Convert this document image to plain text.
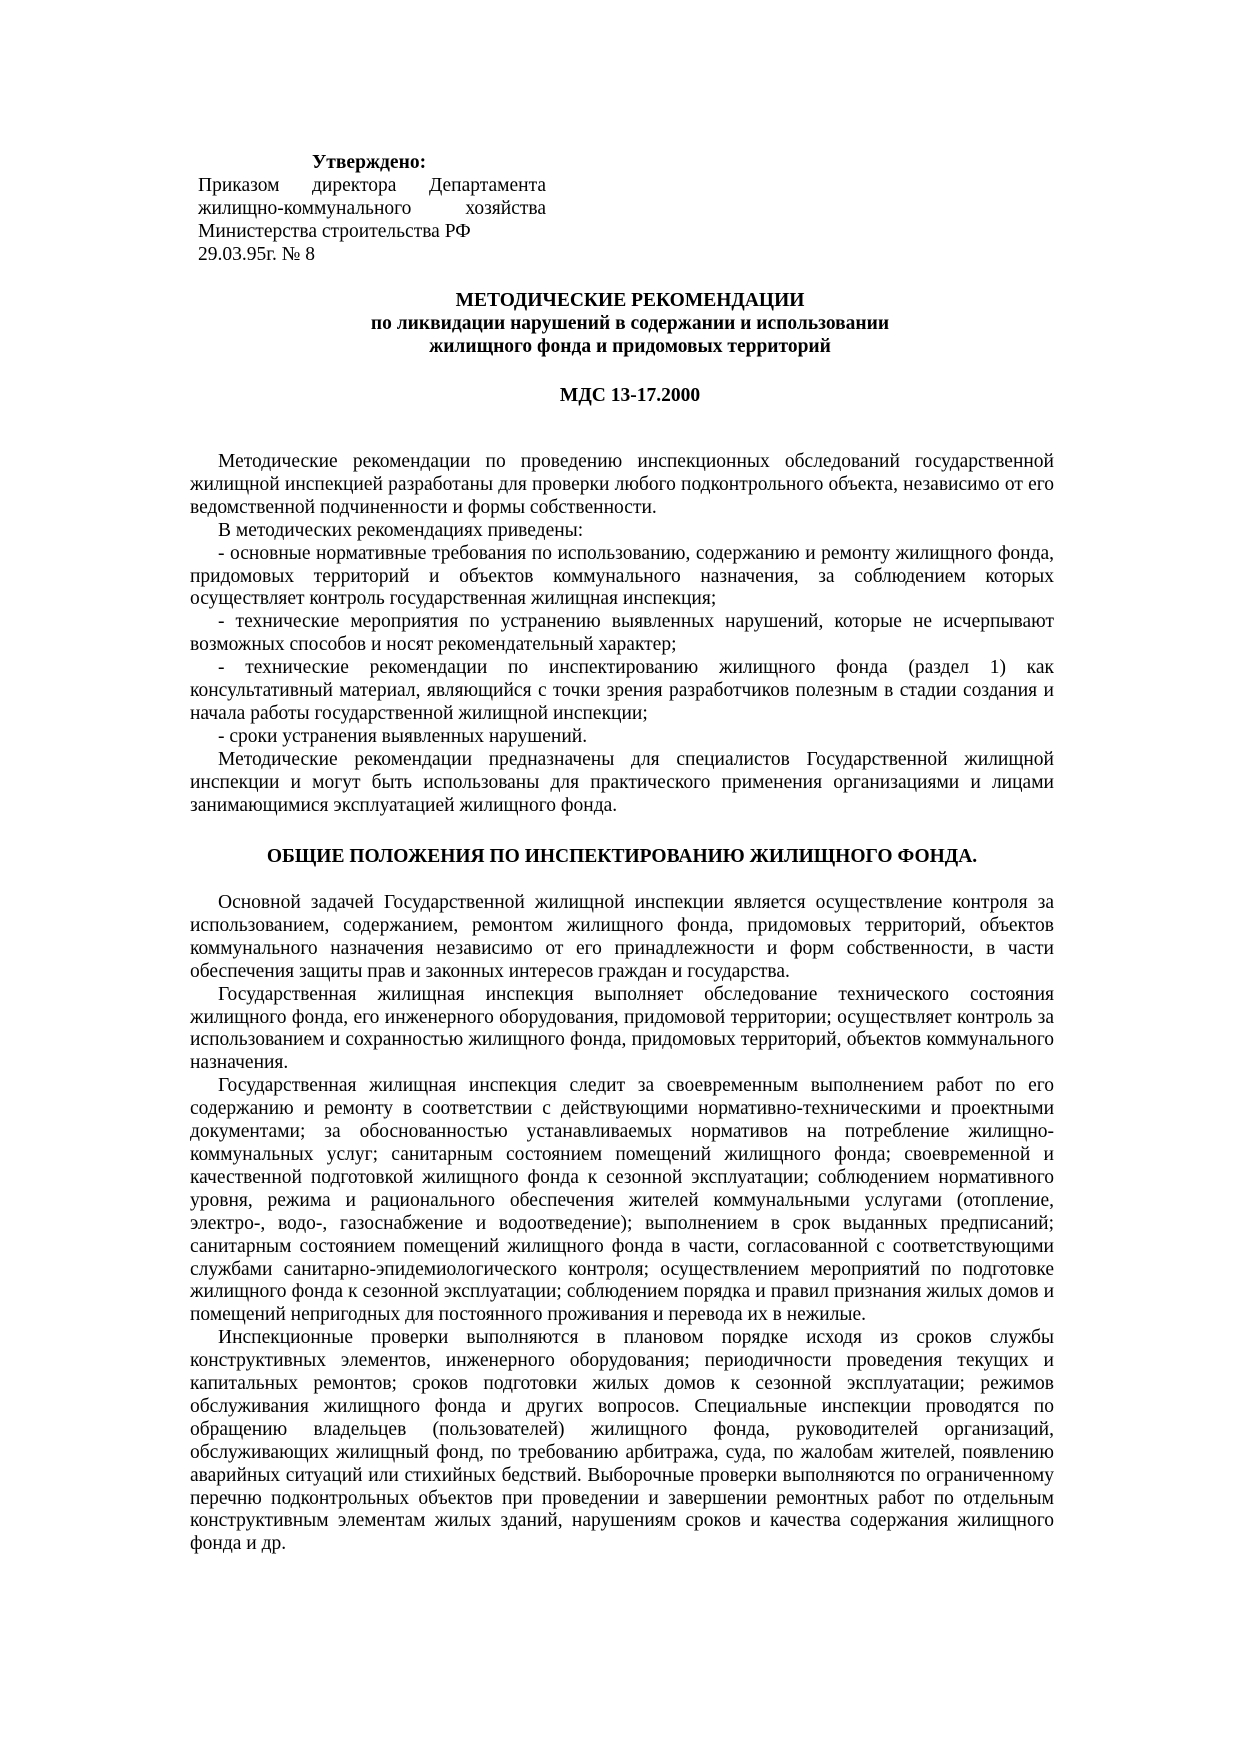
Утверждено:
Приказом директора Департамента
жилищно-коммунального хозяйства
Министерства строительства РФ
29.03.95г. № 8
МЕТОДИЧЕСКИЕ РЕКОМЕНДАЦИИ
по ликвидации нарушений в содержании и использовании
жилищного фонда и придомовых территорий
МДС 13-17.2000

Методические рекомендации по проведению инспекционных обследований государственной жилищной инспекцией разработаны для проверки любого подконтрольного объекта, независимо от его ведомственной подчиненности и формы собственности.

В методических рекомендациях приведены:

- основные нормативные требования по использованию, содержанию и ремонту жилищного фонда, придомовых территорий и объектов коммунального назначения, за соблюдением которых осуществляет контроль государственная жилищная инспекция;

- технические мероприятия по устранению выявленных нарушений, которые не исчерпывают возможных способов и носят рекомендательный характер;

- технические рекомендации по инспектированию жилищного фонда (раздел 1) как консультативный материал, являющийся с точки зрения разработчиков полезным в стадии создания и начала работы государственной жилищной инспекции;

- сроки устранения выявленных нарушений.

Методические рекомендации предназначены для специалистов Государственной жилищной инспекции и могут быть использованы для практического применения организациями и лицами занимающимися эксплуатацией жилищного фонда.

ОБЩИЕ ПОЛОЖЕНИЯ ПО ИНСПЕКТИРОВАНИЮ ЖИЛИЩНОГО ФОНДА.

Основной задачей Государственной жилищной инспекции является осуществление контроля за использованием, содержанием, ремонтом жилищного фонда, придомовых территорий, объектов коммунального назначения независимо от его принадлежности и форм собственности, в части обеспечения защиты прав и законных интересов граждан и государства.

Государственная жилищная инспекция выполняет обследование технического состояния жилищного фонда, его инженерного оборудования, придомовой территории; осуществляет контроль за использованием и сохранностью жилищного фонда, придомовых территорий, объектов коммунального назначения.

Государственная жилищная инспекция следит за своевременным выполнением работ по его содержанию и ремонту в соответствии с действующими нормативно-техническими и проектными документами; за обоснованностью устанавливаемых нормативов на потребление жилищно-коммунальных услуг; санитарным состоянием помещений жилищного фонда; своевременной и качественной подготовкой жилищного фонда к сезонной эксплуатации; соблюдением нормативного уровня, режима и рационального обеспечения жителей коммунальными услугами (отопление, электро-, водо-, газоснабжение и водоотведение); выполнением в срок выданных предписаний; санитарным состоянием помещений жилищного фонда в части, согласованной с соответствующими службами санитарно-эпидемиологического контроля; осуществлением мероприятий по подготовке жилищного фонда к сезонной эксплуатации; соблюдением порядка и правил признания жилых домов и помещений непригодных для постоянного проживания и перевода их в нежилые.

Инспекционные проверки выполняются в плановом порядке исходя из сроков службы конструктивных элементов, инженерного оборудования; периодичности проведения текущих и капитальных ремонтов; сроков подготовки жилых домов к сезонной эксплуатации; режимов обслуживания жилищного фонда и других вопросов. Специальные инспекции проводятся по обращению владельцев (пользователей) жилищного фонда, руководителей организаций, обслуживающих жилищный фонд, по требованию арбитража, суда, по жалобам жителей, появлению аварийных ситуаций или стихийных бедствий. Выборочные проверки выполняются по ограниченному перечню подконтрольных объектов при проведении и завершении ремонтных работ по отдельным конструктивным элементам жилых зданий, нарушениям сроков и качества содержания жилищного фонда и др.
